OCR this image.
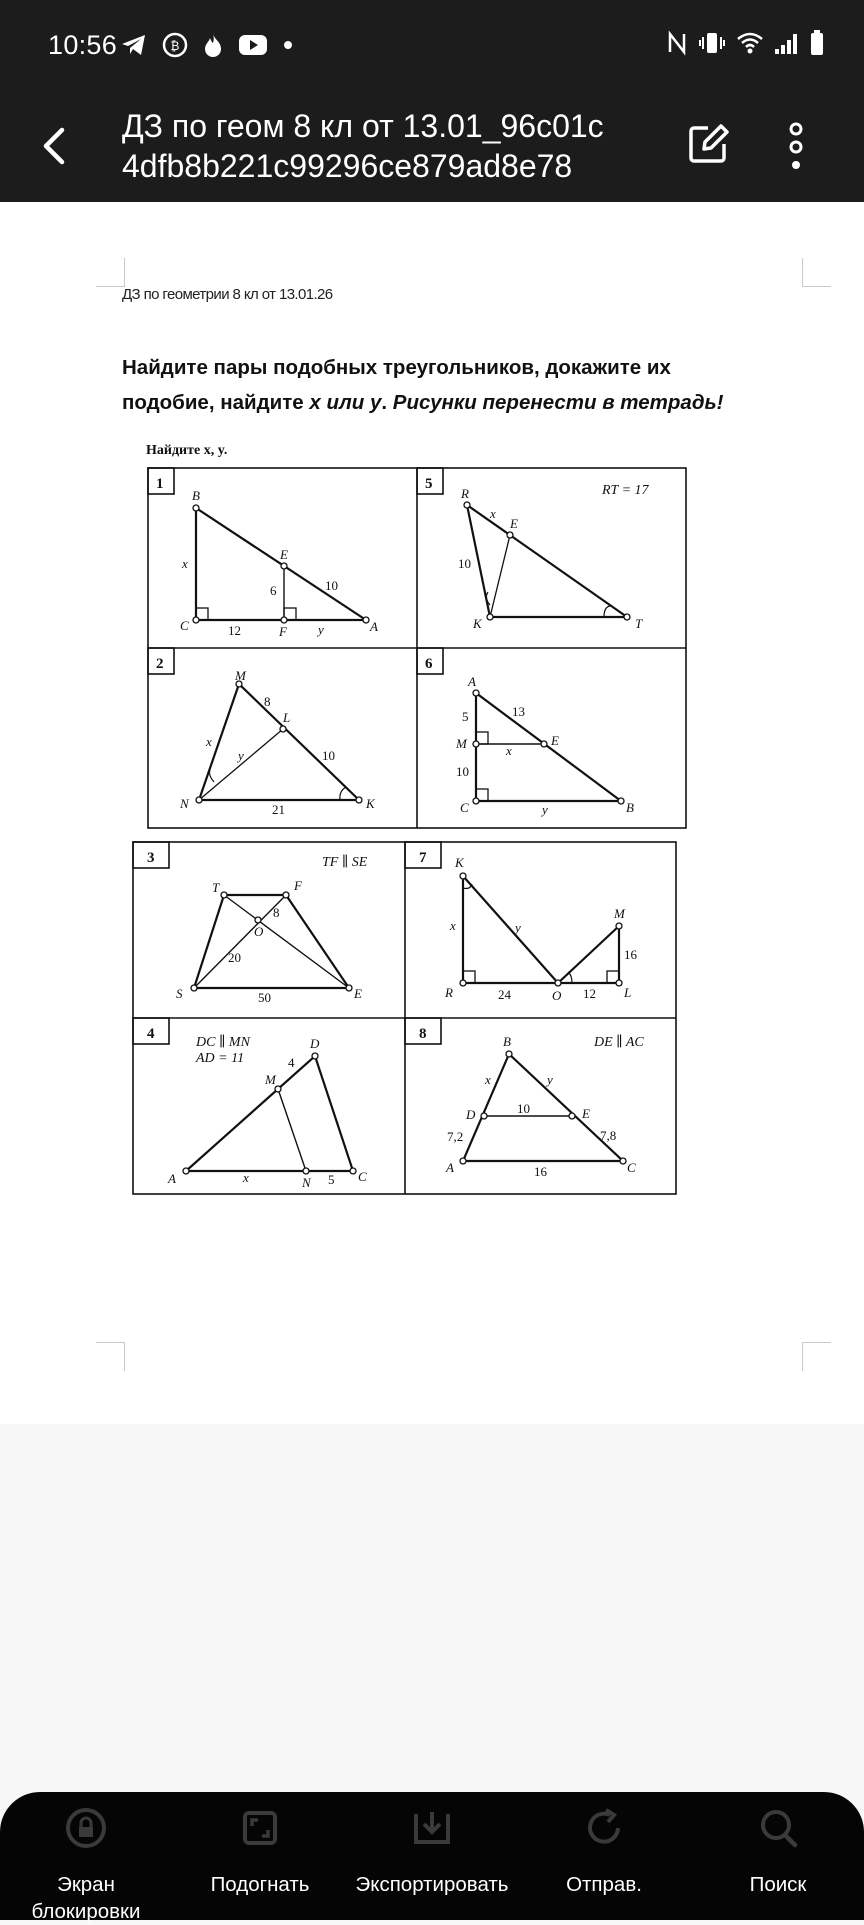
10:56	₿
ДЗ по геом 8 кл от 13.01_96c01c
4dfb8b221c99296ce879ad8e78
ДЗ по геометрии 8 кл от 13.01.26
Найдите пары подобных треугольников, докажите их подобие, найдите x или y. Рисунки перенести в тетрадь!
Найдите x, y.
1	5
2	6
3	7
4	8
RT = 17
TF ∥ SE
DC ∥ MN
AD = 11
DE ∥ AC
B
C	A
E
F
x
6
12	y
10
R
K	T
E
x
10
M
N	K
L
8
x
y	10
21
A
M
C
E
B
5	13
x
10
y
T	F
E
S
O
8
20
50
K
R	O
M
L
x	y
24	12
16
A
D
C
M
N
4
x	5
B
A	C
D	E
x	y
10
7,2	7,8
16
Экран
блокировки
Подогнать	Экспортировать	Отправ.	Поиск
